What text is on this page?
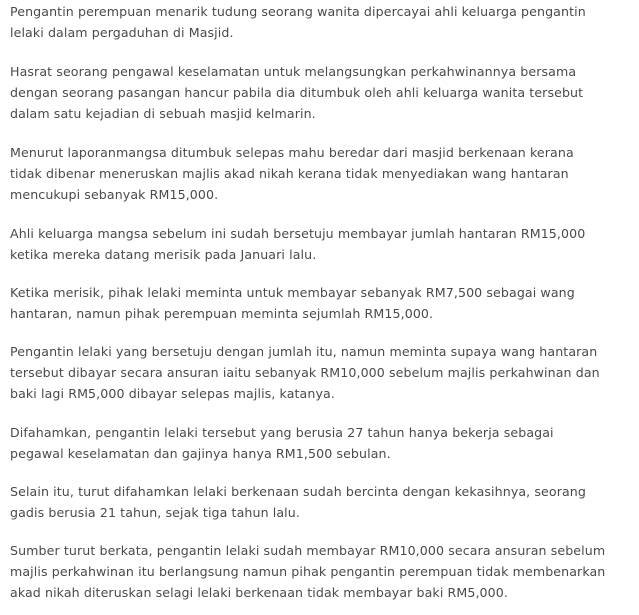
Pengantin perempuan menarik tudung seorang wanita dipercayai ahli keluarga pengantin

lelaki dalam pergaduhan di Masjid.

Hasrat seorang pengawal keselamatan untuk melangsungkan perkahwinannya bersama

dengan seorang pasangan hancur pabila dia ditumbuk oleh ahli keluarga wanita tersebut

dalam satu kejadian di sebuah masjid kelmarin.

Menurut laporanmangsa ditumbuk selepas mahu beredar dari masjid berkenaan kerana

tidak dibenar meneruskan majlis akad nikah kerana tidak menyediakan wang hantaran

mencukupi sebanyak RM15,000.

Ahli keluarga mangsa sebelum ini sudah bersetuju membayar jumlah hantaran RM15,000

ketika mereka datang merisik pada Januari lalu.

Ketika merisik, pihak lelaki meminta untuk membayar sebanyak RM7,500 sebagai wang

hantaran, namun pihak perempuan meminta sejumlah RM15,000.

Pengantin lelaki yang bersetuju dengan jumlah itu, namun meminta supaya wang hantaran

tersebut dibayar secara ansuran iaitu sebanyak RM10,000 sebelum majlis perkahwinan dan

baki lagi RM5,000 dibayar selepas majlis, katanya.

Difahamkan, pengantin lelaki tersebut yang berusia 27 tahun hanya bekerja sebagai

pegawal keselamatan dan gajinya hanya RM1,500 sebulan.

Selain itu, turut difahamkan lelaki berkenaan sudah bercinta dengan kekasihnya, seorang

gadis berusia 21 tahun, sejak tiga tahun lalu.

Sumber turut berkata, pengantin lelaki sudah membayar RM10,000 secara ansuran sebelum

majlis perkahwinan itu berlangsung namun pihak pengantin perempuan tidak membenarkan

akad nikah diteruskan selagi lelaki berkenaan tidak membayar baki RM5,000.
